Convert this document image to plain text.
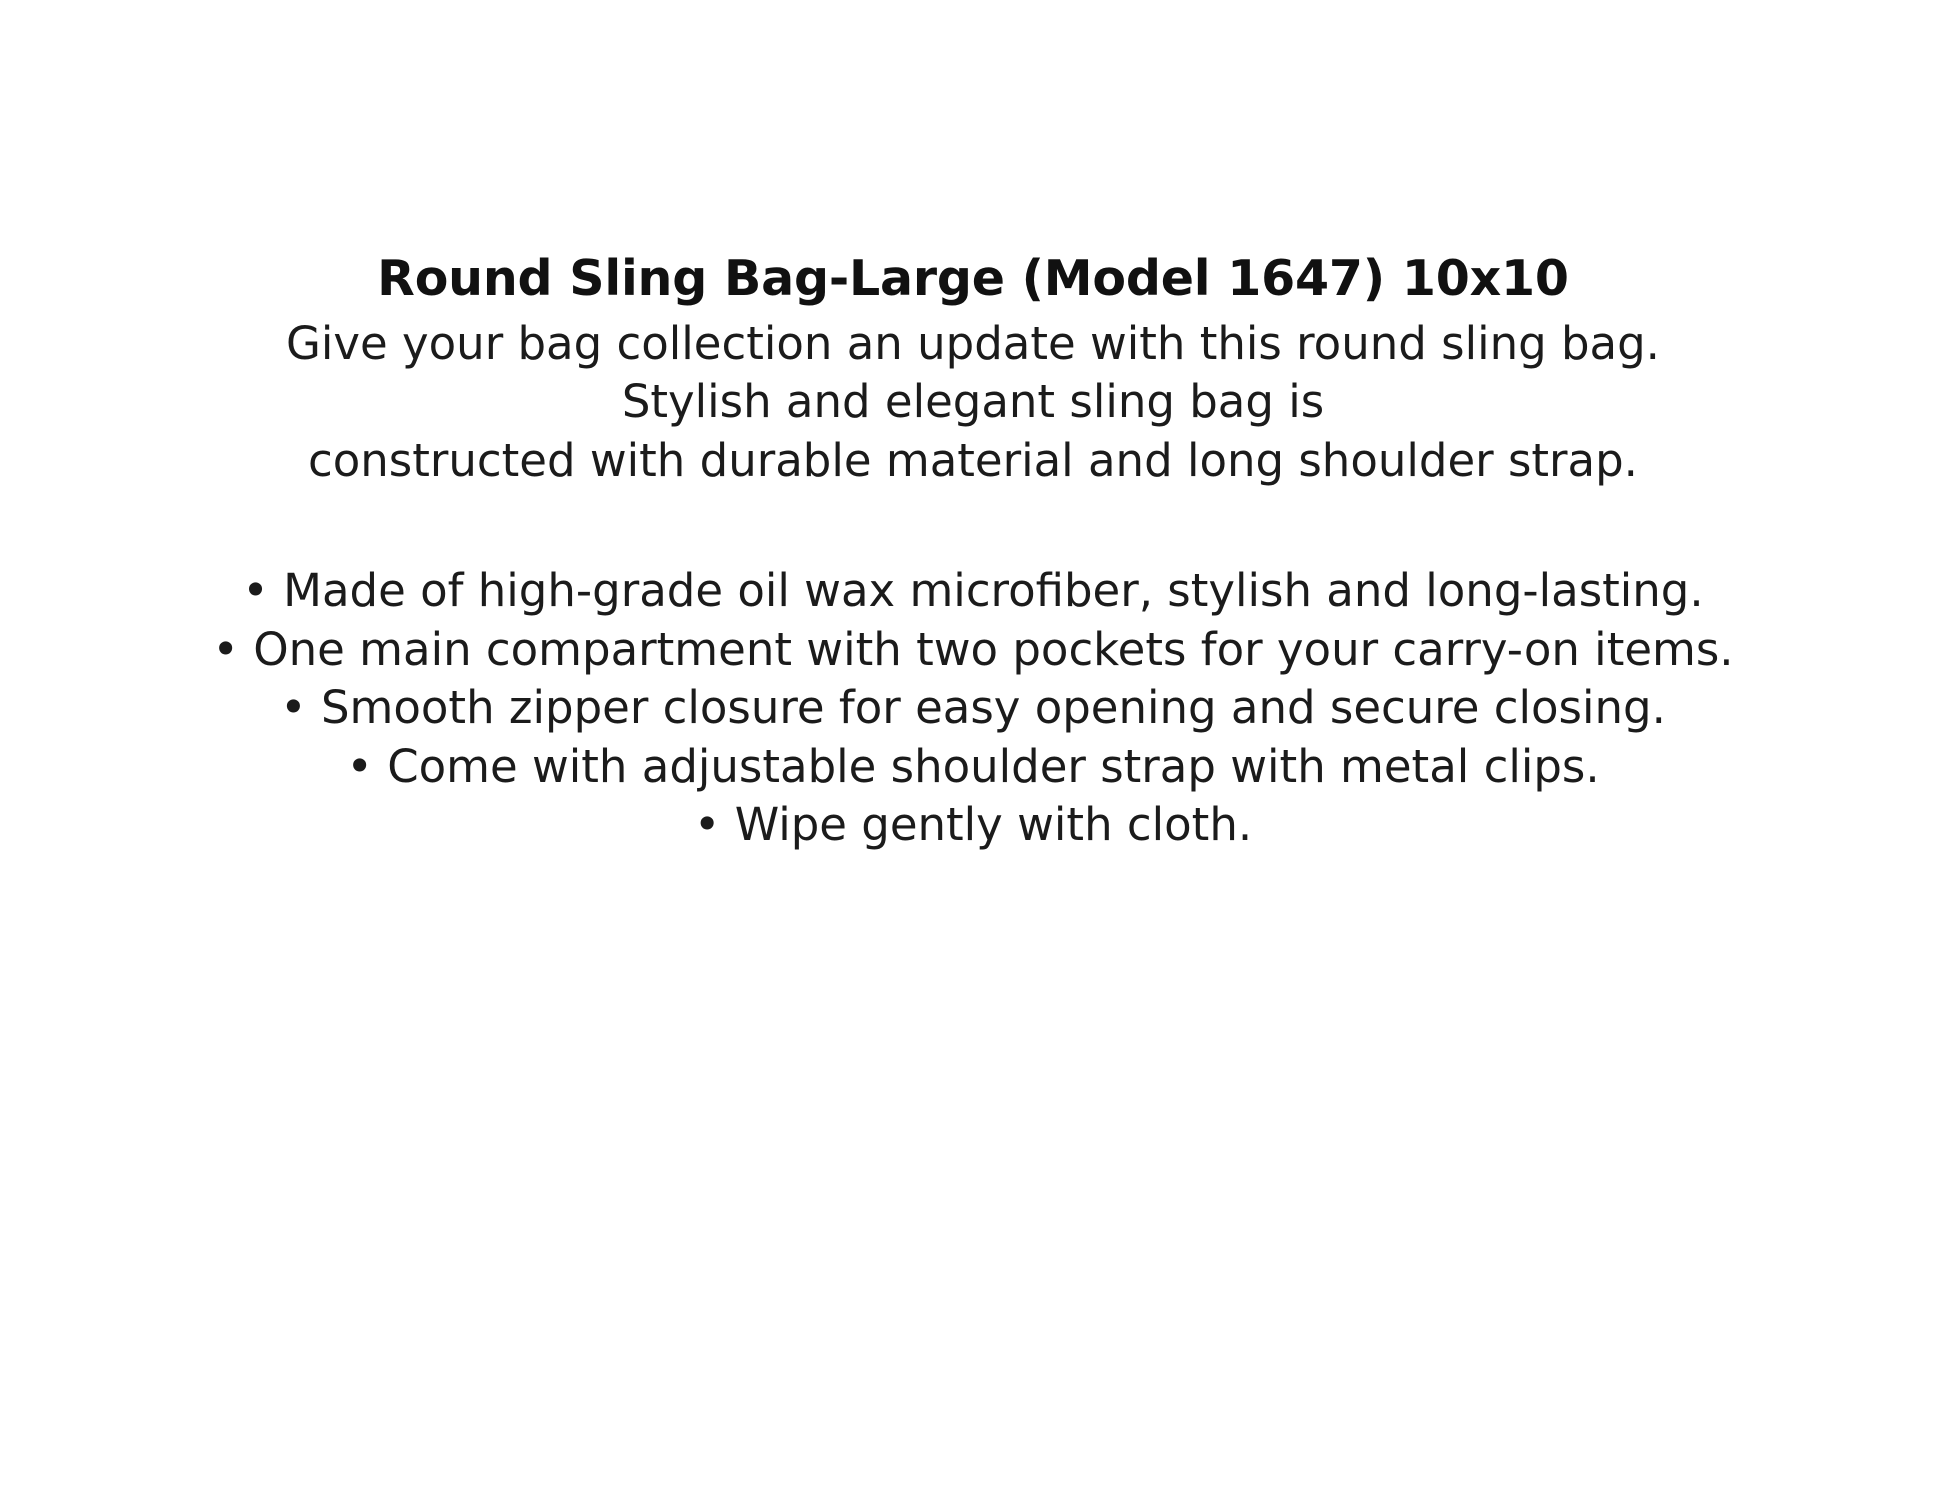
Round Sling Bag-Large (Model 1647) 10x10

Give your bag collection an update with this round sling bag.
Stylish and elegant sling bag is
constructed with durable material and long shoulder strap.

• Made of high-grade oil wax microfiber, stylish and long-lasting.
• One main compartment with two pockets for your carry-on items.
• Smooth zipper closure for easy opening and secure closing.
• Come with adjustable shoulder strap with metal clips.
• Wipe gently with cloth.
